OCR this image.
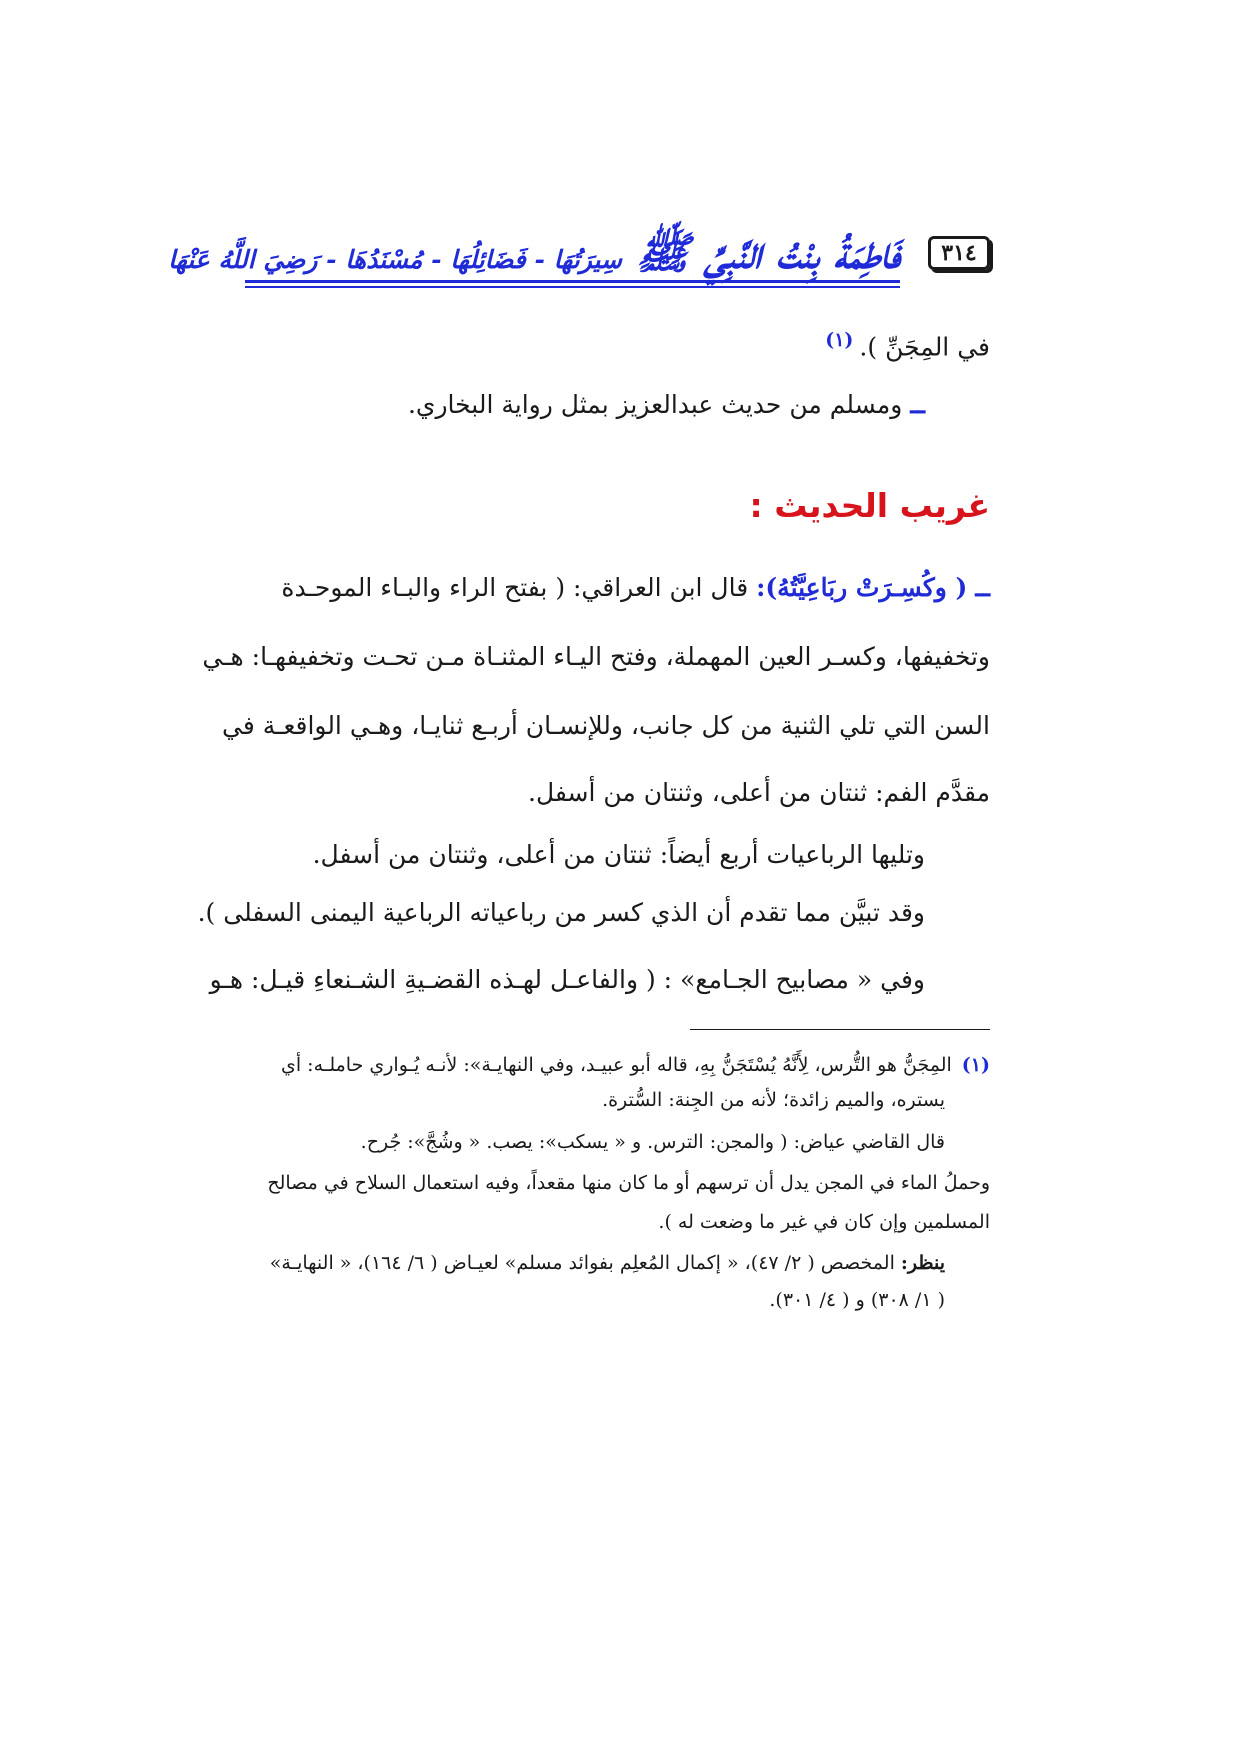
٣١٤
فَاطِمَةُ بِنْتُ النَّبِيِّ ﷺ
سِيرَتُهَا - فَضَائِلُهَا - مُسْنَدُهَا - رَضِيَ اللَّهُ عَنْهَا
في المِجَنِّ ).$^{(١)}$
ــ ومسلم من حديث عبدالعزيز بمثل رواية البخاري.
غريب الحديث :
ــ ( وكُسِـرَتْ ربَاعِيَّتُهُ): قال ابن العراقي: ( بفتح الراء والبـاء الموحـدة
وتخفيفها، وكسـر العين المهملة، وفتح اليـاء المثنـاة مـن تحـت وتخفيفهـا: هـي
السن التي تلي الثنية من كل جانب، وللإنسـان أربـع ثنايـا، وهـي الواقعـة في
مقدَّم الفم: ثنتان من أعلى، وثنتان من أسفل.
وتليها الرباعيات أربع أيضاً: ثنتان من أعلى، وثنتان من أسفل.
وقد تبيَّن مما تقدم أن الذي كسر من رباعياته الرباعية اليمنى السفلى ).
وفي « مصابيح الجـامع» : ( والفاعـل لهـذه القضـيةِ الشـنعاءِ قيـل: هـو
(١)المِجَنُّ هو التُّرس، لِأَنَّهُ يُسْتَجَنُّ بِهِ، قاله أبو عبيـد، وفي النهايـة»: لأنـه يُـواري حاملـه: أي
يستره، والميم زائدة؛ لأنه من الجِنة: السُّترة.
قال القاضي عياض: ( والمجن: الترس. و « يسكب»: يصب. « وشُجَّ»: جُرح.
وحملُ الماء في المجن يدل أن ترسهم أو ما كان منها مقعداً، وفيه استعمال السلاح في مصالح
المسلمين وإن كان في غير ما وضعت له ).
ينظر: المخصص ( ٢/ ٤٧)، « إكمال المُعلِم بفوائد مسلم» لعيـاض ( ٦/ ١٦٤)، « النهايـة»
( ١/ ٣٠٨) و ( ٤/ ٣٠١).
